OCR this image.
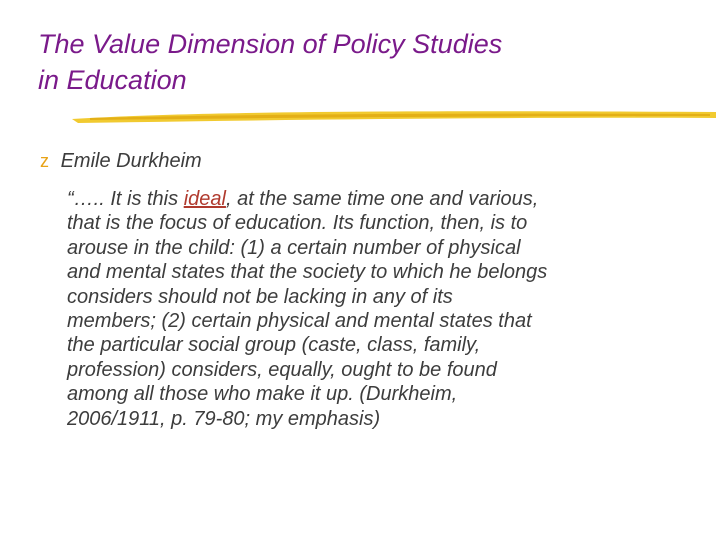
The Value Dimension of Policy Studies
in Education
z Emile Durkheim
“….. It is this ideal, at the same time one and various,
that is the focus of education. Its function, then, is to
arouse in the child: (1) a certain number of physical
and mental states that the society to which he belongs
considers should not be lacking in any of its
members; (2) certain physical and mental states that
the particular social group (caste, class, family,
profession) considers, equally, ought to be found
among all those who make it up. (Durkheim,
2006/1911, p. 79-80; my emphasis)
